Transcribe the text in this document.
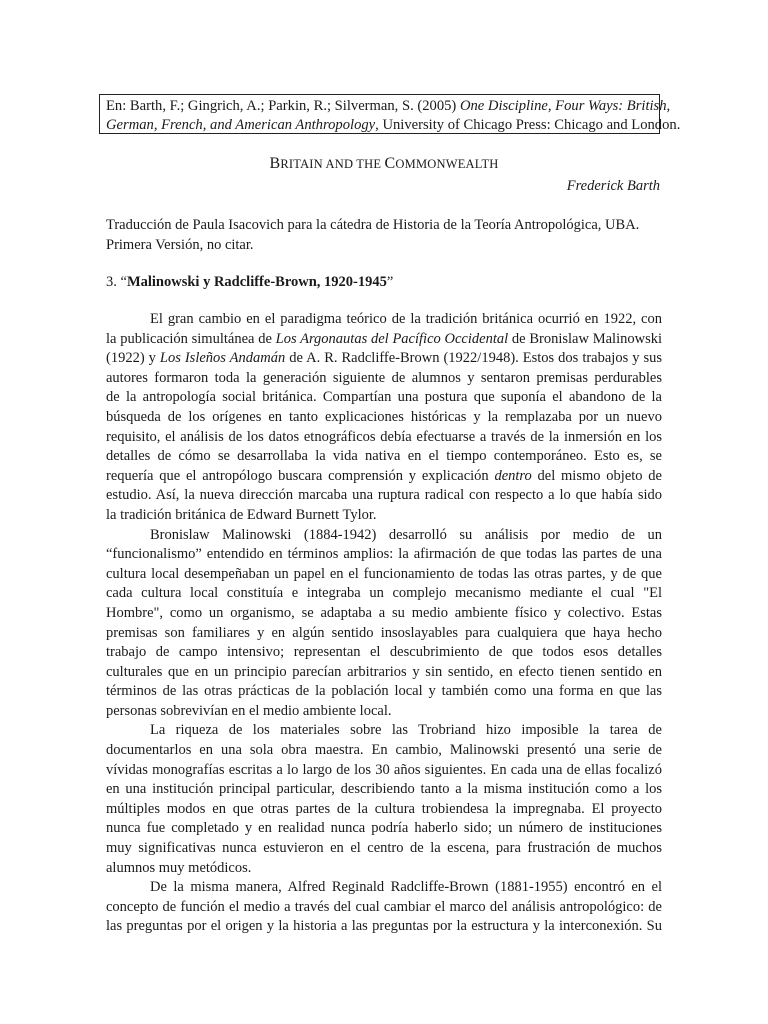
En: Barth, F.; Gingrich, A.; Parkin, R.; Silverman, S. (2005) One Discipline, Four Ways: British,
German, French, and American Anthropology, University of Chicago Press: Chicago and London.
BRITAIN AND THE COMMONWEALTH
Frederick Barth
Traducción de Paula Isacovich para la cátedra de Historia de la Teoría Antropológica, UBA.
Primera Versión, no citar.
3. “Malinowski y Radcliffe-Brown, 1920-1945”

El gran cambio en el paradigma teórico de la tradición británica ocurrió en 1922, con
la publicación simultánea de Los Argonautas del Pacífico Occidental de Bronislaw Malinowski
(1922) y Los Isleños Andamán de A. R. Radcliffe-Brown (1922/1948). Estos dos trabajos y sus
autores formaron toda la generación siguiente de alumnos y sentaron premisas perdurables
de la antropología social británica. Compartían una postura que suponía el abandono de la
búsqueda de los orígenes en tanto explicaciones históricas y la remplazaba por un nuevo
requisito, el análisis de los datos etnográficos debía efectuarse a través de la inmersión en los
detalles de cómo se desarrollaba la vida nativa en el tiempo contemporáneo. Esto es, se
requería que el antropólogo buscara comprensión y explicación dentro del mismo objeto de
estudio. Así, la nueva dirección marcaba una ruptura radical con respecto a lo que había sido
la tradición británica de Edward Burnett Tylor.

Bronislaw Malinowski (1884-1942) desarrolló su análisis por medio de un
“funcionalismo” entendido en términos amplios: la afirmación de que todas las partes de una
cultura local desempeñaban un papel en el funcionamiento de todas las otras partes, y de que
cada cultura local constituía e integraba un complejo mecanismo mediante el cual "El
Hombre", como un organismo, se adaptaba a su medio ambiente físico y colectivo. Estas
premisas son familiares y en algún sentido insoslayables para cualquiera que haya hecho
trabajo de campo intensivo; representan el descubrimiento de que todos esos detalles
culturales que en un principio parecían arbitrarios y sin sentido, en efecto tienen sentido en
términos de las otras prácticas de la población local y también como una forma en que las
personas sobrevivían en el medio ambiente local.

La riqueza de los materiales sobre las Trobriand hizo imposible la tarea de
documentarlos en una sola obra maestra. En cambio, Malinowski presentó una serie de
vívidas monografías escritas a lo largo de los 30 años siguientes. En cada una de ellas focalizó
en una institución principal particular, describiendo tanto a la misma institución como a los
múltiples modos en que otras partes de la cultura trobiendesa la impregnaba. El proyecto
nunca fue completado y en realidad nunca podría haberlo sido; un número de instituciones
muy significativas nunca estuvieron en el centro de la escena, para frustración de muchos
alumnos muy metódicos.

De la misma manera, Alfred Reginald Radcliffe-Brown (1881-1955) encontró en el
concepto de función el medio a través del cual cambiar el marco del análisis antropológico: de
las preguntas por el origen y la historia a las preguntas por la estructura y la interconexión. Su
